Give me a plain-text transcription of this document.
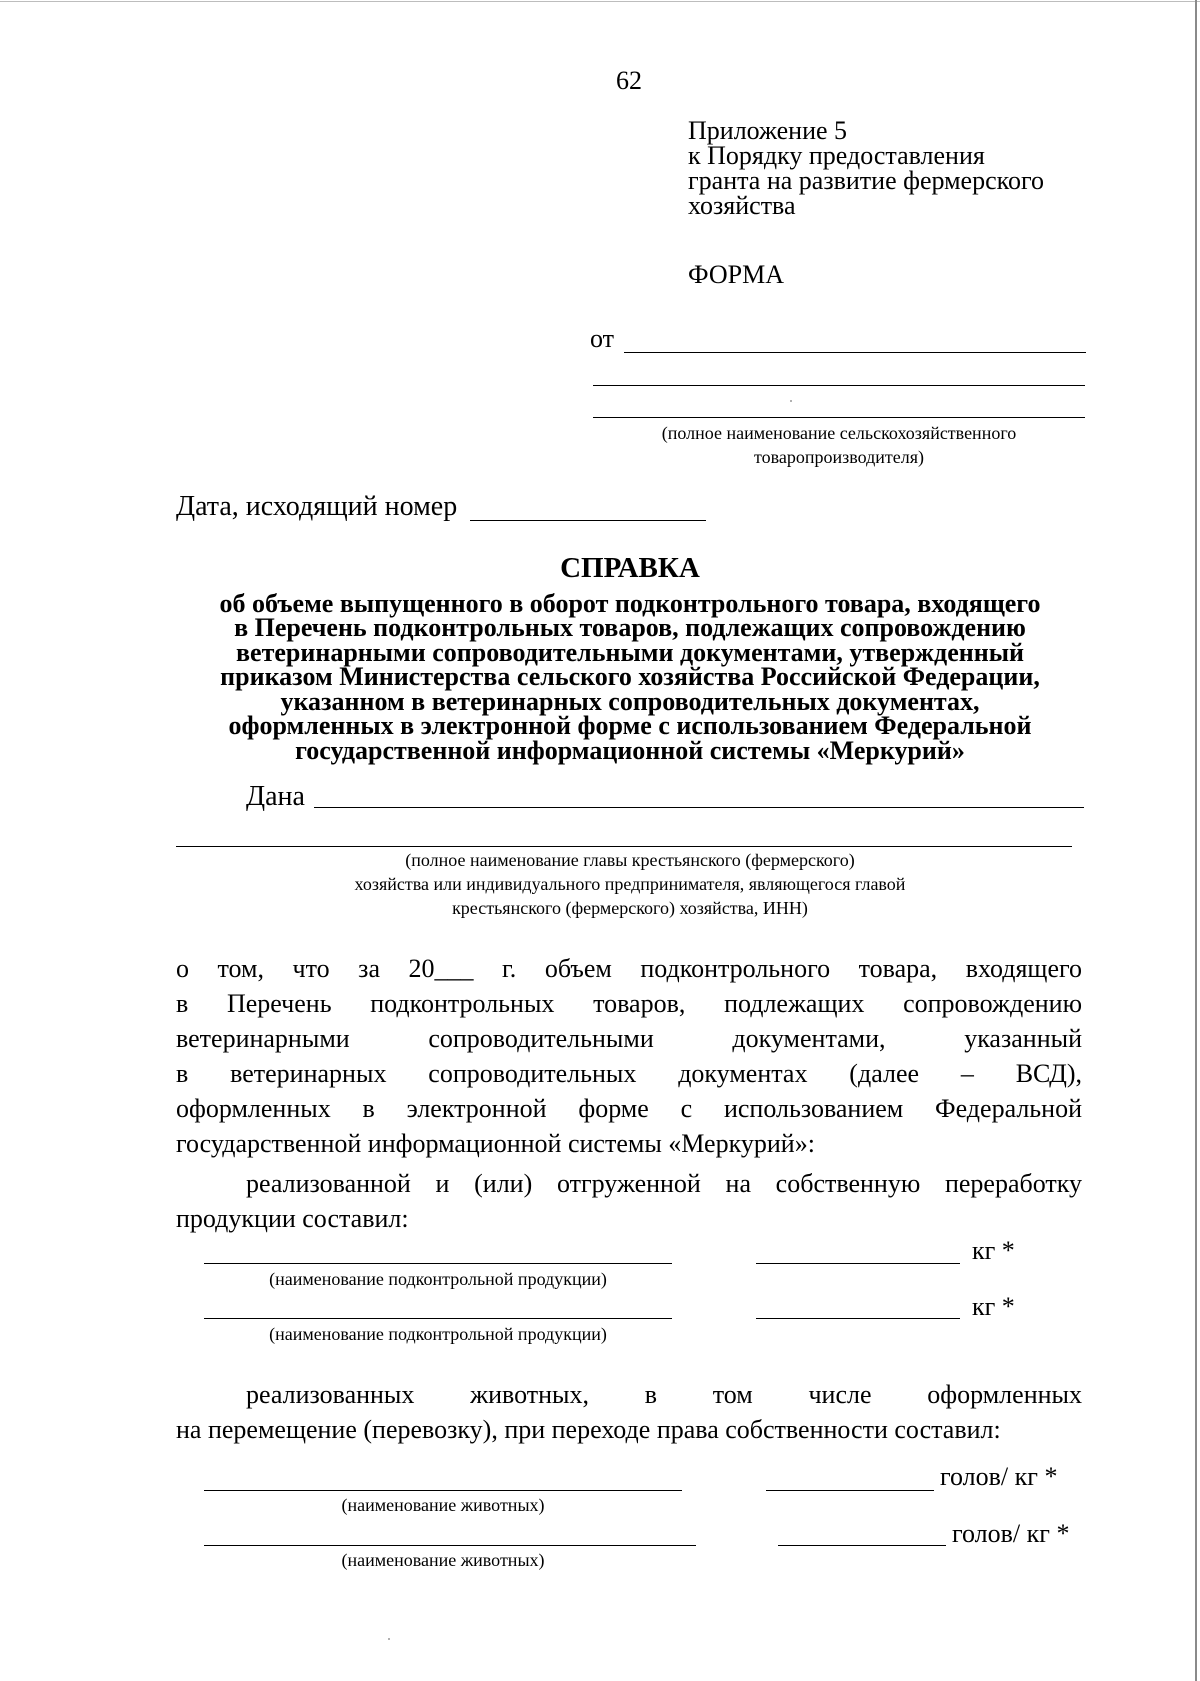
62
Приложение 5
к Порядку предоставления
гранта на развитие фермерского
хозяйства
ФОРМА
от
(полное наименование сельскохозяйственного
товаропроизводителя)
Дата, исходящий номер
СПРАВКА
об объеме выпущенного в оборот подконтрольного товара, входящего
в Перечень подконтрольных товаров, подлежащих сопровождению
ветеринарными сопроводительными документами, утвержденный
приказом Министерства сельского хозяйства Российской Федерации,
указанном в ветеринарных сопроводительных документах,
оформленных в электронной форме с использованием Федеральной
государственной информационной системы «Меркурий»
Дана
(полное наименование главы крестьянского (фермерского)
хозяйства или индивидуального предпринимателя, являющегося главой
крестьянского (фермерского) хозяйства, ИНН)
о том, что за 20___ г. объем подконтрольного товара, входящего
в Перечень подконтрольных товаров, подлежащих сопровождению
ветеринарными сопроводительными документами, указанный
в ветеринарных сопроводительных документах (далее – ВСД),
оформленных в электронной форме с использованием Федеральной
государственной информационной системы «Меркурий»:
реализованной и (или) отгруженной на собственную переработку
продукции составил:
кг *
(наименование подконтрольной продукции)
кг *
(наименование подконтрольной продукции)
реализованных животных, в том числе оформленных
на перемещение (перевозку), при переходе права собственности составил:
голов/ кг *
(наименование животных)
голов/ кг *
(наименование животных)
